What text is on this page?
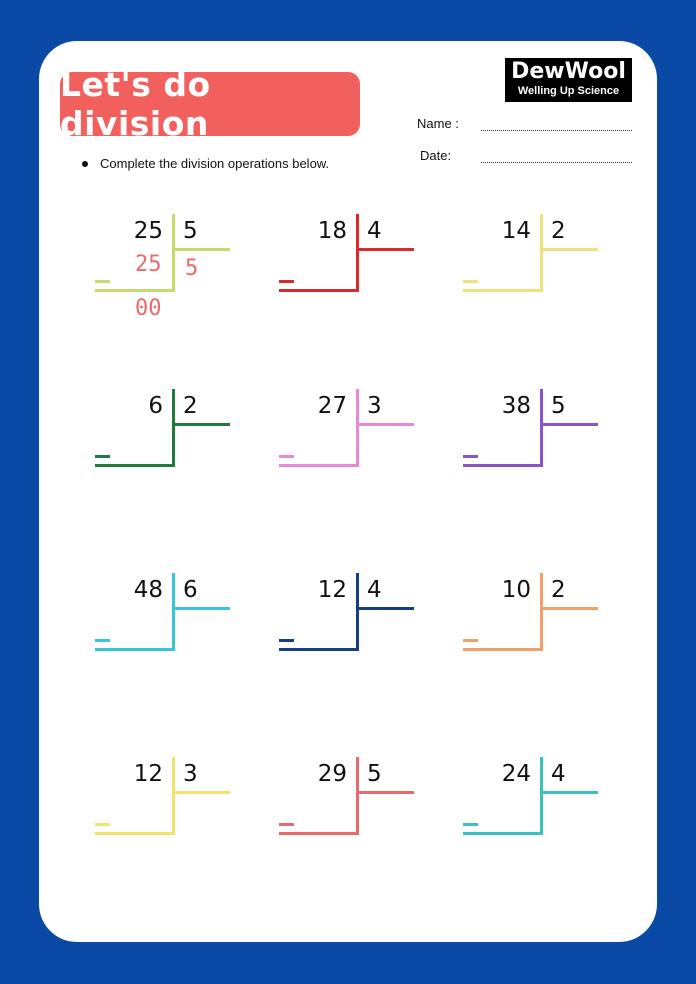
Let's do division
DewWool
Welling Up Science
Name :
Date:
Complete the division operations below.
25 5
25 5
00
18 4	14 2
6 2	27 3	38 5
48 6	12 4	10 2
12 3	29 5	24 4
